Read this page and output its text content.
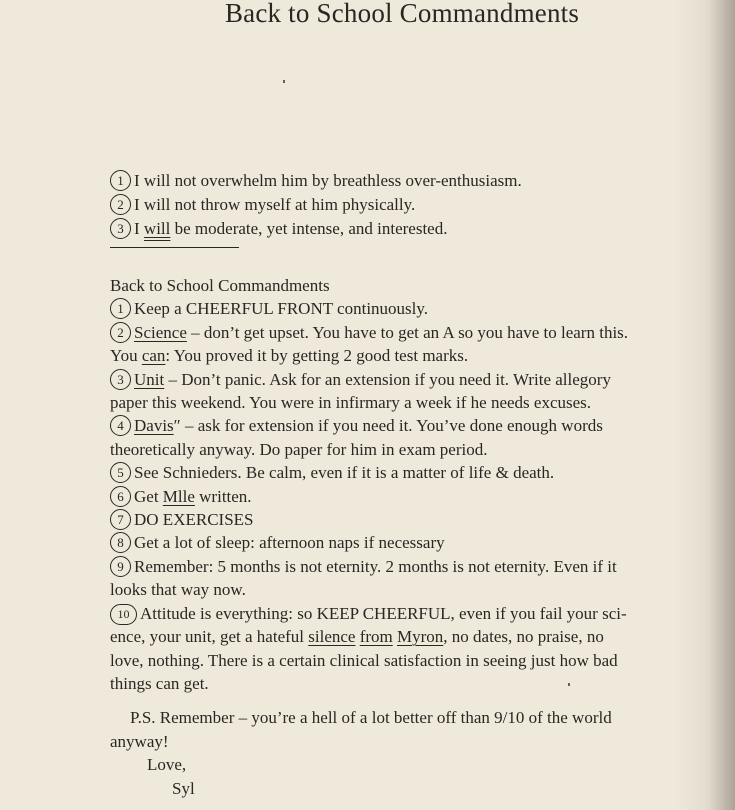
Back to School Commandments
1 I will not overwhelm him by breathless over-enthusiasm.
2 I will not throw myself at him physically.
3 I will be moderate, yet intense, and interested.
Back to School Commandments
1 Keep a CHEERFUL FRONT continuously.
2 Science – don’t get upset. You have to get an A so you have to learn this.
You can: You proved it by getting 2 good test marks.
3 Unit – Don’t panic. Ask for an extension if you need it. Write allegory
paper this weekend. You were in infirmary a week if he needs excuses.
4 Davis″ – ask for extension if you need it. You’ve done enough words
theoretically anyway. Do paper for him in exam period.
5 See Schnieders. Be calm, even if it is a matter of life & death.
6 Get Mlle written.
7 DO EXERCISES
8 Get a lot of sleep: afternoon naps if necessary
9 Remember: 5 months is not eternity. 2 months is not eternity. Even if it
looks that way now.
10 Attitude is everything: so KEEP CHEERFUL, even if you fail your sci-
ence, your unit, get a hateful silence from Myron, no dates, no praise, no
love, nothing. There is a certain clinical satisfaction in seeing just how bad
things can get.
P.S. Remember – you’re a hell of a lot better off than 9/10 of the world
anyway!
Love,
Syl
